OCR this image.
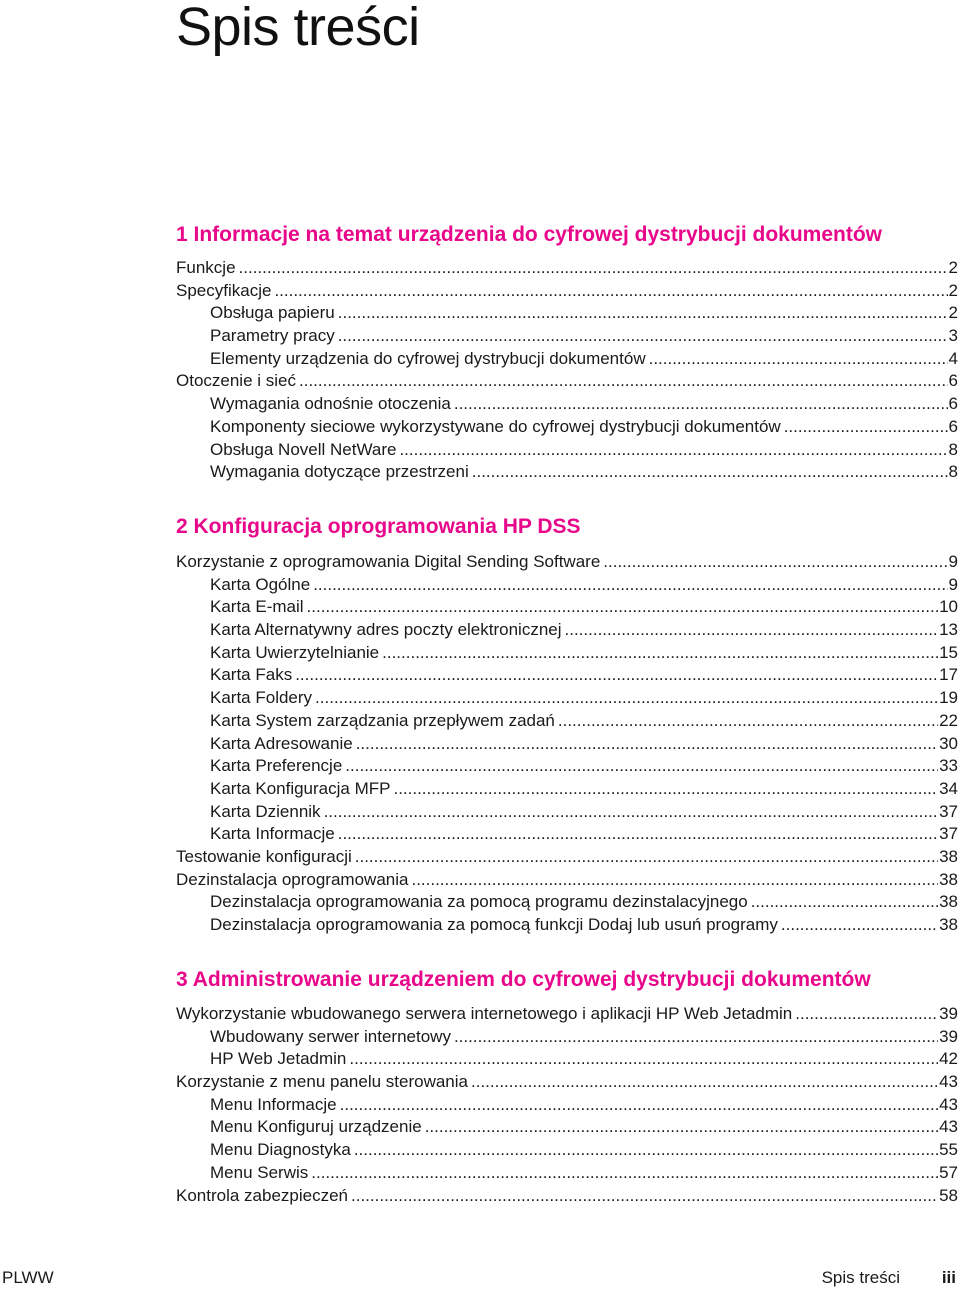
Spis treści
1 Informacje na temat urządzenia do cyfrowej dystrybucji dokumentów
Funkcje .....	2
Specyfikacje .....	2
Obsługa papieru .....	2
Parametry pracy .....	3
Elementy urządzenia do cyfrowej dystrybucji dokumentów .....	4
Otoczenie i sieć .....	6
Wymagania odnośnie otoczenia .....	6
Komponenty sieciowe wykorzystywane do cyfrowej dystrybucji dokumentów .....	6
Obsługa Novell NetWare .....	8
Wymagania dotyczące przestrzeni .....	8
2 Konfiguracja oprogramowania HP DSS
Korzystanie z oprogramowania Digital Sending Software .....	9
Karta Ogólne .....	9
Karta E-mail .....	10
Karta Alternatywny adres poczty elektronicznej .....	13
Karta Uwierzytelnianie .....	15
Karta Faks .....	17
Karta Foldery .....	19
Karta System zarządzania przepływem zadań .....	22
Karta Adresowanie .....	30
Karta Preferencje .....	33
Karta Konfiguracja MFP .....	34
Karta Dziennik .....	37
Karta Informacje .....	37
Testowanie konfiguracji .....	38
Dezinstalacja oprogramowania .....	38
Dezinstalacja oprogramowania za pomocą programu dezinstalacyjnego .....	38
Dezinstalacja oprogramowania za pomocą funkcji Dodaj lub usuń programy .....	38
3 Administrowanie urządzeniem do cyfrowej dystrybucji dokumentów
Wykorzystanie wbudowanego serwera internetowego i aplikacji HP Web Jetadmin .....	39
Wbudowany serwer internetowy .....	39
HP Web Jetadmin .....	42
Korzystanie z menu panelu sterowania .....	43
Menu Informacje .....	43
Menu Konfiguruj urządzenie .....	43
Menu Diagnostyka .....	55
Menu Serwis .....	57
Kontrola zabezpieczeń .....	58
PLWW	Spis treści iii
